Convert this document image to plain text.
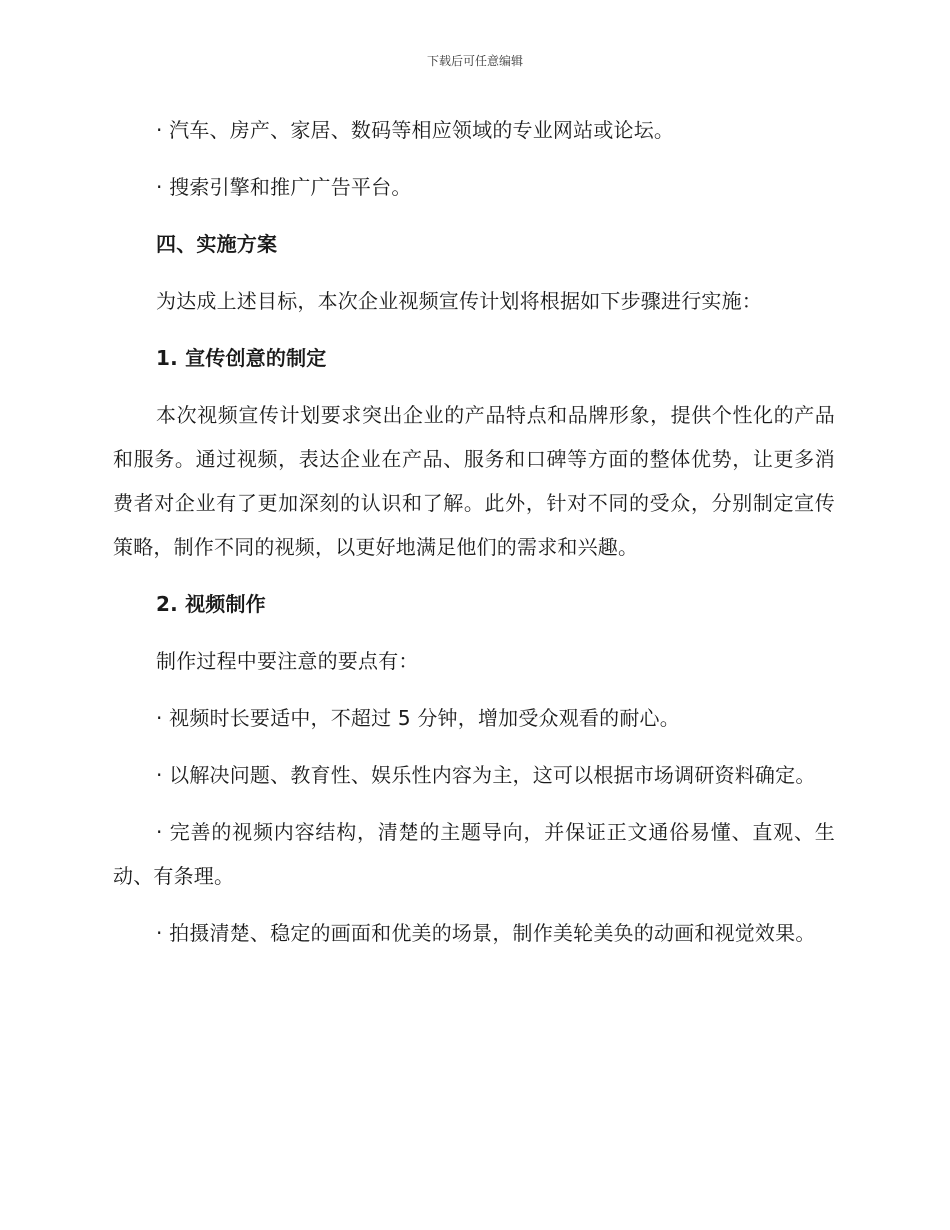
下载后可任意编辑

· 汽车、房产、家居、数码等相应领域的专业网站或论坛。

· 搜索引擎和推广广告平台。

四、实施方案

为达成上述目标，本次企业视频宣传计划将根据如下步骤进行实施：

1. 宣传创意的制定

本次视频宣传计划要求突出企业的产品特点和品牌形象，提供个性化的产品和服务。通过视频，表达企业在产品、服务和口碑等方面的整体优势，让更多消费者对企业有了更加深刻的认识和了解。此外，针对不同的受众，分别制定宣传策略，制作不同的视频，以更好地满足他们的需求和兴趣。

2. 视频制作

制作过程中要注意的要点有：

· 视频时长要适中，不超过 5 分钟，增加受众观看的耐心。

· 以解决问题、教育性、娱乐性内容为主，这可以根据市场调研资料确定。

· 完善的视频内容结构，清楚的主题导向，并保证正文通俗易懂、直观、生动、有条理。

· 拍摄清楚、稳定的画面和优美的场景，制作美轮美奂的动画和视觉效果。
